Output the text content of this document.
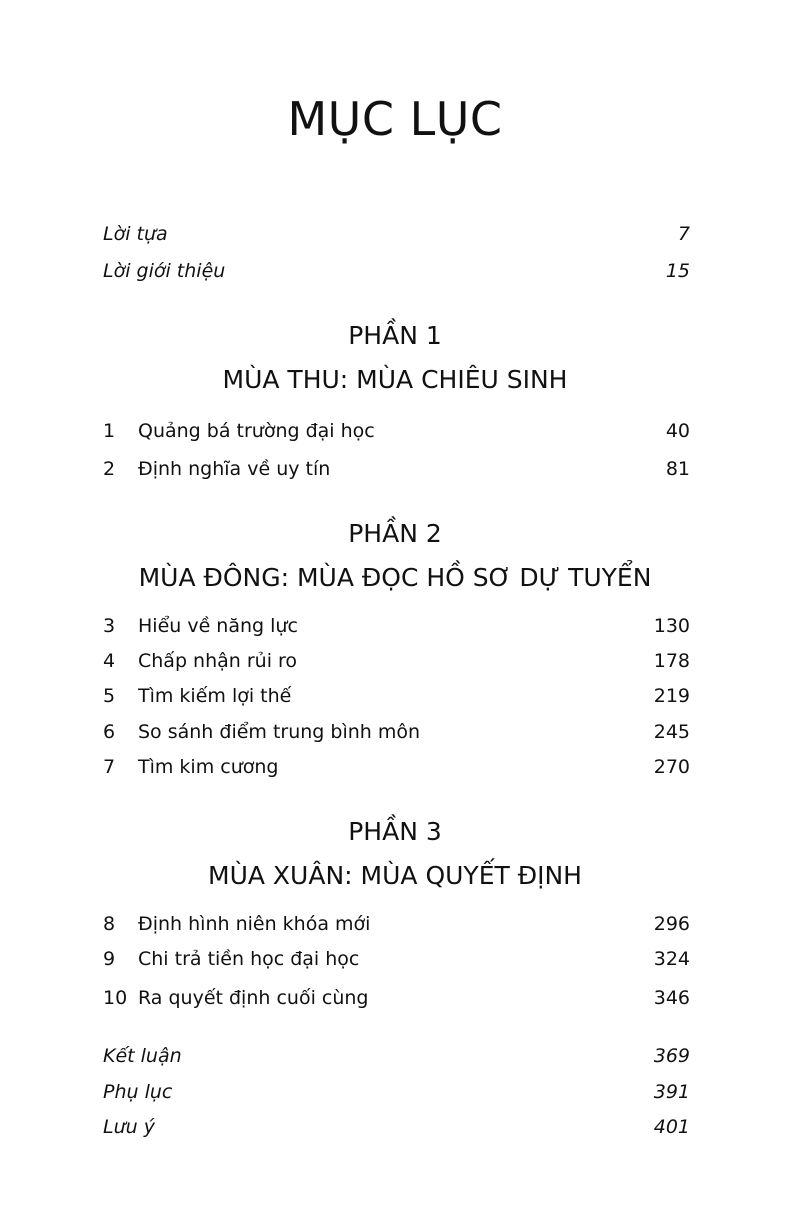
MỤC LỤC
Lời tựa	7
Lời giới thiệu	15
PHẦN 1
MÙA THU: MÙA CHIÊU SINH
1	Quảng bá trường đại học	40
2	Định nghĩa về uy tín	81
PHẦN 2
MÙA ĐÔNG: MÙA ĐỌC HỒ SƠ DỰ TUYỂN
3	Hiểu về năng lực	130
4	Chấp nhận rủi ro	178
5	Tìm kiếm lợi thế	219
6	So sánh điểm trung bình môn	245
7	Tìm kim cương	270
PHẦN 3
MÙA XUÂN: MÙA QUYẾT ĐỊNH
8	Định hình niên khóa mới	296
9	Chi trả tiền học đại học	324
10 Ra quyết định cuối cùng	346
Kết luận	369
Phụ lục	391
Lưu ý	401
